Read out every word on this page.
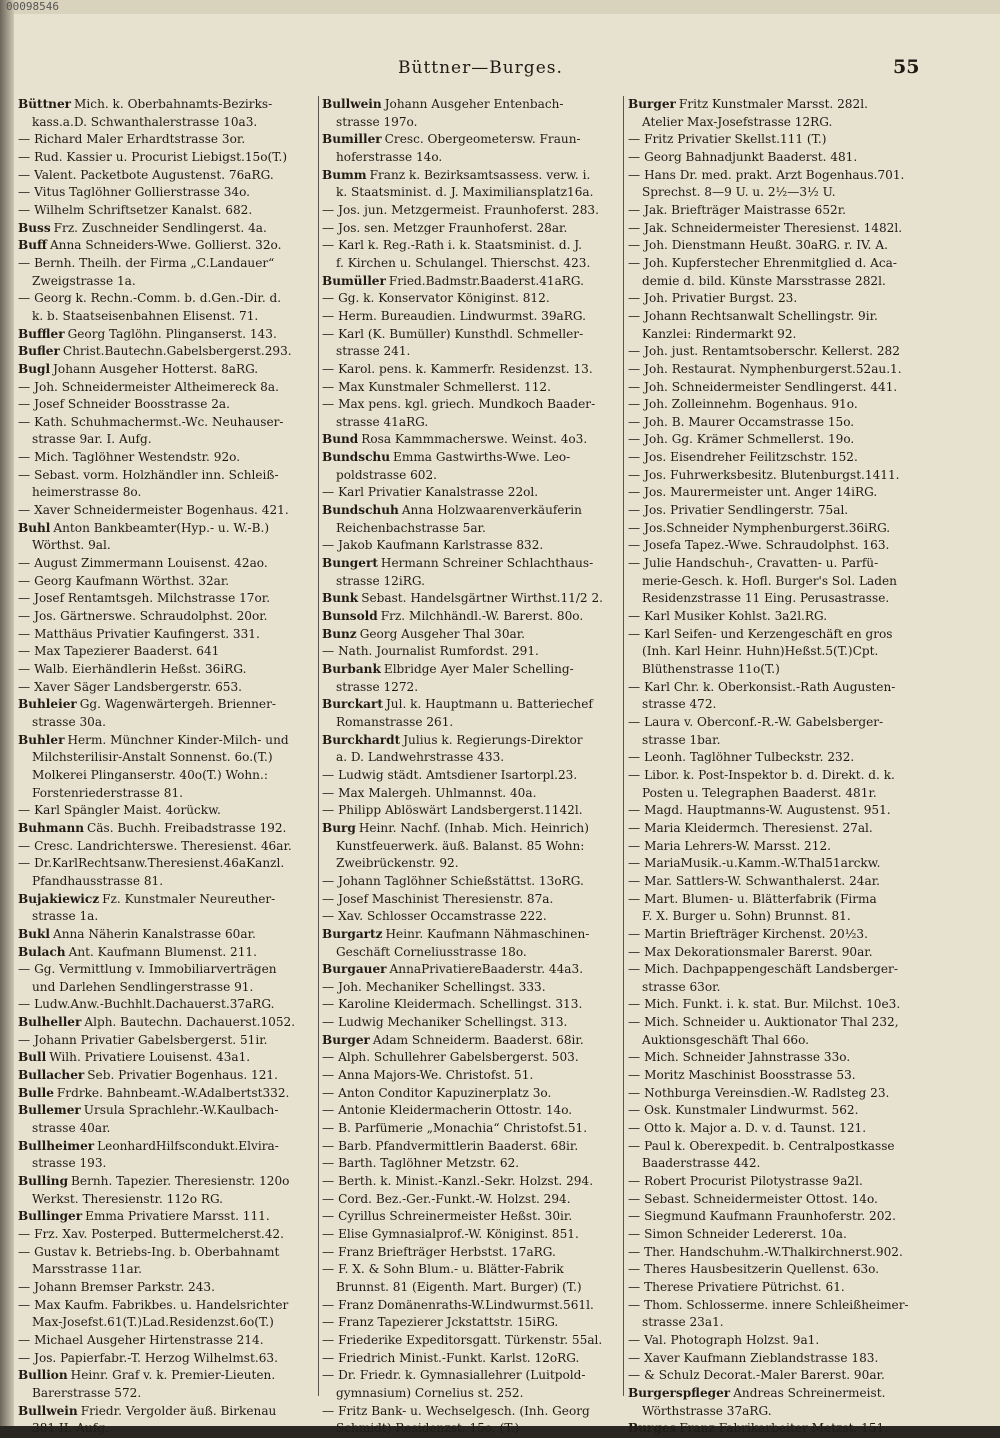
00098546
Büttner—Burges.	55
Büttner Mich. k. Oberbahnamts-Bezirks-
kass.a.D. Schwanthalerstrasse 10a3.
— Richard Maler Erhardtstrasse 3or.
— Rud. Kassier u. Procurist Liebigst.15o(T.)
— Valent. Packetbote Augustenst. 76aRG.
— Vitus Taglöhner Gollierstrasse 34o.
— Wilhelm Schriftsetzer Kanalst. 682.
Buss Frz. Zuschneider Sendlingerst. 4a.
Buff Anna Schneiders-Wwe. Gollierst. 32o.
— Bernh. Theilh. der Firma „C.Landauer“
Zweigstrasse 1a.
— Georg k. Rechn.-Comm. b. d.Gen.-Dir. d.
k. b. Staatseisenbahnen Elisenst. 71.
Buffler Georg Taglöhn. Plinganserst. 143.
Bufler Christ.Bautechn.Gabelsbergerst.293.
Bugl Johann Ausgeher Hotterst. 8aRG.
— Joh. Schneidermeister Altheimereck 8a.
— Josef Schneider Boosstrasse 2a.
— Kath. Schuhmachermst.-Wc. Neuhauser-
strasse 9ar. I. Aufg.
— Mich. Taglöhner Westendstr. 92o.
— Sebast. vorm. Holzhändler inn. Schleiß-
heimerstrasse 8o.
— Xaver Schneidermeister Bogenhaus. 421.
Buhl Anton Bankbeamter(Hyp.- u. W.-B.)
Wörthst. 9al.
— August Zimmermann Louisenst. 42ao.
— Georg Kaufmann Wörthst. 32ar.
— Josef Rentamtsgeh. Milchstrasse 17or.
— Jos. Gärtnerswe. Schraudolphst. 20or.
— Matthäus Privatier Kaufingerst. 331.
— Max Tapezierer Baaderst. 641
— Walb. Eierhändlerin Heßst. 36iRG.
— Xaver Säger Landsbergerstr. 653.
Buhleier Gg. Wagenwärtergeh. Brienner-
strasse 30a.
Buhler Herm. Münchner Kinder-Milch- und
Milchsterilisir-Anstalt Sonnenst. 6o.(T.)
Molkerei Plinganserstr. 40o(T.) Wohn.:
Forstenriederstrasse 81.
— Karl Spängler Maist. 4orückw.
Buhmann Cäs. Buchh. Freibadstrasse 192.
— Cresc. Landrichterswe. Theresienst. 46ar.
— Dr.KarlRechtsanw.Theresienst.46aKanzl.
Pfandhausstrasse 81.
Bujakiewicz Fz. Kunstmaler Neureuther-
strasse 1a.
Bukl Anna Näherin Kanalstrasse 60ar.
Bulach Ant. Kaufmann Blumenst. 211.
— Gg. Vermittlung v. Immobiliarverträgen
und Darlehen Sendlingerstrasse 91.
— Ludw.Anw.-Buchhlt.Dachauerst.37aRG.
Bulheller Alph. Bautechn. Dachauerst.1052.
— Johann Privatier Gabelsbergerst. 51ir.
Bull Wilh. Privatiere Louisenst. 43a1.
Bullacher Seb. Privatier Bogenhaus. 121.
Bulle Frdrke. Bahnbeamt.-W.Adalbertst332.
Bullemer Ursula Sprachlehr.-W.Kaulbach-
strasse 40ar.
Bullheimer LeonhardHilfscondukt.Elvira-
strasse 193.
Bulling Bernh. Tapezier. Theresienstr. 120o
Werkst. Theresienstr. 112o RG.
Bullinger Emma Privatiere Marsst. 111.
— Frz. Xav. Posterped. Buttermelcherst.42.
— Gustav k. Betriebs-Ing. b. Oberbahnamt
Marsstrasse 11ar.
— Johann Bremser Parkstr. 243.
— Max Kaufm. Fabrikbes. u. Handelsrichter
Max-Josefst.61(T.)Lad.Residenzst.6o(T.)
— Michael Ausgeher Hirtenstrasse 214.
— Jos. Papierfabr.-T. Herzog Wilhelmst.63.
Bullion Heinr. Graf v. k. Premier-Lieuten.
Barerstrasse 572.
Bullwein Friedr. Vergolder äuß. Birkenau
381 II. Aufg.
Bullwein Johann Ausgeher Entenbach-
strasse 197o.
Bumiller Cresc. Obergeometersw. Fraun-
hoferstrasse 14o.
Bumm Franz k. Bezirksamtsassess. verw. i.
k. Staatsminist. d. J. Maximiliansplatz16a.
— Jos. jun. Metzgermeist. Fraunhoferst. 283.
— Jos. sen. Metzger Fraunhoferst. 28ar.
— Karl k. Reg.-Rath i. k. Staatsminist. d. J.
f. Kirchen u. Schulangel. Thierschst. 423.
Bumüller Fried.Badmstr.Baaderst.41aRG.
— Gg. k. Konservator Königinst. 812.
— Herm. Bureaudien. Lindwurmst. 39aRG.
— Karl (K. Bumüller) Kunsthdl. Schmeller-
strasse 241.
— Karol. pens. k. Kammerfr. Residenzst. 13.
— Max Kunstmaler Schmellerst. 112.
— Max pens. kgl. griech. Mundkoch Baader-
strasse 41aRG.
Bund Rosa Kammmacherswe. Weinst. 4o3.
Bundschu Emma Gastwirths-Wwe. Leo-
poldstrasse 602.
— Karl Privatier Kanalstrasse 22ol.
Bundschuh Anna Holzwaarenverkäuferin
Reichenbachstrasse 5ar.
— Jakob Kaufmann Karlstrasse 832.
Bungert Hermann Schreiner Schlachthaus-
strasse 12iRG.
Bunk Sebast. Handelsgärtner Wirthst.11/2 2.
Bunsold Frz. Milchhändl.-W. Barerst. 80o.
Bunz Georg Ausgeher Thal 30ar.
— Nath. Journalist Rumfordst. 291.
Burbank Elbridge Ayer Maler Schelling-
strasse 1272.
Burckart Jul. k. Hauptmann u. Batteriechef
Romanstrasse 261.
Burckhardt Julius k. Regierungs-Direktor
a. D. Landwehrstrasse 433.
— Ludwig städt. Amtsdiener Isartorpl.23.
— Max Malergeh. Uhlmannst. 40a.
— Philipp Ablöswärt Landsbergerst.1142l.
Burg Heinr. Nachf. (Inhab. Mich. Heinrich)
Kunstfeuerwerk. äuß. Balanst. 85 Wohn:
Zweibrückenstr. 92.
— Johann Taglöhner Schießstättst. 13oRG.
— Josef Maschinist Theresienstr. 87a.
— Xav. Schlosser Occamstrasse 222.
Burgartz Heinr. Kaufmann Nähmaschinen-
Geschäft Corneliusstrasse 18o.
Burgauer AnnaPrivatiereBaaderstr. 44a3.
— Joh. Mechaniker Schellingst. 333.
— Karoline Kleidermach. Schellingst. 313.
— Ludwig Mechaniker Schellingst. 313.
Burger Adam Schneiderm. Baaderst. 68ir.
— Alph. Schullehrer Gabelsbergerst. 503.
— Anna Majors-We. Christofst. 51.
— Anton Conditor Kapuzinerplatz 3o.
— Antonie Kleidermacherin Ottostr. 14o.
— B. Parfümerie „Monachia“ Christofst.51.
— Barb. Pfandvermittlerin Baaderst. 68ir.
— Barth. Taglöhner Metzstr. 62.
— Berth. k. Minist.-Kanzl.-Sekr. Holzst. 294.
— Cord. Bez.-Ger.-Funkt.-W. Holzst. 294.
— Cyrillus Schreinermeister Heßst. 30ir.
— Elise Gymnasialprof.-W. Königinst. 851.
— Franz Briefträger Herbstst. 17aRG.
— F. X. & Sohn Blum.- u. Blätter-Fabrik
Brunnst. 81 (Eigenth. Mart. Burger) (T.)
— Franz Domänenraths-W.Lindwurmst.561l.
— Franz Tapezierer Jckstattstr. 15iRG.
— Friederike Expeditorsgatt. Türkenstr. 55al.
— Friedrich Minist.-Funkt. Karlst. 12oRG.
— Dr. Friedr. k. Gymnasiallehrer (Luitpold-
gymnasium) Cornelius st. 252.
— Fritz Bank- u. Wechselgesch. (Inh. Georg
Schmidt) Residenzst. 15o. (T.)
Burger Fritz Kunstmaler Marsst. 282l.
Atelier Max-Josefstrasse 12RG.
— Fritz Privatier Skellst.111 (T.)
— Georg Bahnadjunkt Baaderst. 481.
— Hans Dr. med. prakt. Arzt Bogenhaus.701.
Sprechst. 8—9 U. u. 2½—3½ U.
— Jak. Briefträger Maistrasse 652r.
— Jak. Schneidermeister Theresienst. 1482l.
— Joh. Dienstmann Heußt. 30aRG. r. IV. A.
— Joh. Kupferstecher Ehrenmitglied d. Aca-
demie d. bild. Künste Marsstrasse 282l.
— Joh. Privatier Burgst. 23.
— Johann Rechtsanwalt Schellingstr. 9ir.
Kanzlei: Rindermarkt 92.
— Joh. just. Rentamtsoberschr. Kellerst. 282
— Joh. Restaurat. Nymphenburgerst.52au.1.
— Joh. Schneidermeister Sendlingerst. 441.
— Joh. Zolleinnehm. Bogenhaus. 91o.
— Joh. B. Maurer Occamstrasse 15o.
— Joh. Gg. Krämer Schmellerst. 19o.
— Jos. Eisendreher Feilitzschstr. 152.
— Jos. Fuhrwerksbesitz. Blutenburgst.1411.
— Jos. Maurermeister unt. Anger 14iRG.
— Jos. Privatier Sendlingerstr. 75al.
— Jos.Schneider Nymphenburgerst.36iRG.
— Josefa Tapez.-Wwe. Schraudolphst. 163.
— Julie Handschuh-, Cravatten- u. Parfü-
merie-Gesch. k. Hofl. Burger's Sol. Laden
Residenzstrasse 11 Eing. Perusastrasse.
— Karl Musiker Kohlst. 3a2l.RG.
— Karl Seifen- und Kerzengeschäft en gros
(Inh. Karl Heinr. Huhn)Heßst.5(T.)Cpt.
Blüthenstrasse 11o(T.)
— Karl Chr. k. Oberkonsist.-Rath Augusten-
strasse 472.
— Laura v. Oberconf.-R.-W. Gabelsberger-
strasse 1bar.
— Leonh. Taglöhner Tulbeckstr. 232.
— Libor. k. Post-Inspektor b. d. Direkt. d. k.
Posten u. Telegraphen Baaderst. 481r.
— Magd. Hauptmanns-W. Augustenst. 951.
— Maria Kleidermch. Theresienst. 27al.
— Maria Lehrers-W. Marsst. 212.
— MariaMusik.-u.Kamm.-W.Thal51arckw.
— Mar. Sattlers-W. Schwanthalerst. 24ar.
— Mart. Blumen- u. Blätterfabrik (Firma
F. X. Burger u. Sohn) Brunnst. 81.
— Martin Briefträger Kirchenst. 20½3.
— Max Dekorationsmaler Barerst. 90ar.
— Mich. Dachpappengeschäft Landsberger-
strasse 63or.
— Mich. Funkt. i. k. stat. Bur. Milchst. 10e3.
— Mich. Schneider u. Auktionator Thal 232,
Auktionsgeschäft Thal 66o.
— Mich. Schneider Jahnstrasse 33o.
— Moritz Maschinist Boosstrasse 53.
— Nothburga Vereinsdien.-W. Radlsteg 23.
— Osk. Kunstmaler Lindwurmst. 562.
— Otto k. Major a. D. v. d. Taunst. 121.
— Paul k. Oberexpedit. b. Centralpostkasse
Baaderstrasse 442.
— Robert Procurist Pilotystrasse 9a2l.
— Sebast. Schneidermeister Ottost. 14o.
— Siegmund Kaufmann Fraunhoferstr. 202.
— Simon Schneider Ledererst. 10a.
— Ther. Handschuhm.-W.Thalkirchnerst.902.
— Theres Hausbesitzerin Quellenst. 63o.
— Therese Privatiere Pütrichst. 61.
— Thom. Schlosserme. innere Schleißheimer-
strasse 23a1.
— Val. Photograph Holzst. 9a1.
— Xaver Kaufmann Zieblandstrasse 183.
— & Schulz Decorat.-Maler Barerst. 90ar.
Burgerspfleger Andreas Schreinermeist.
Wörthstrasse 37aRG.
Burges Franz Fabrikarbeiter Metzst. 151.
